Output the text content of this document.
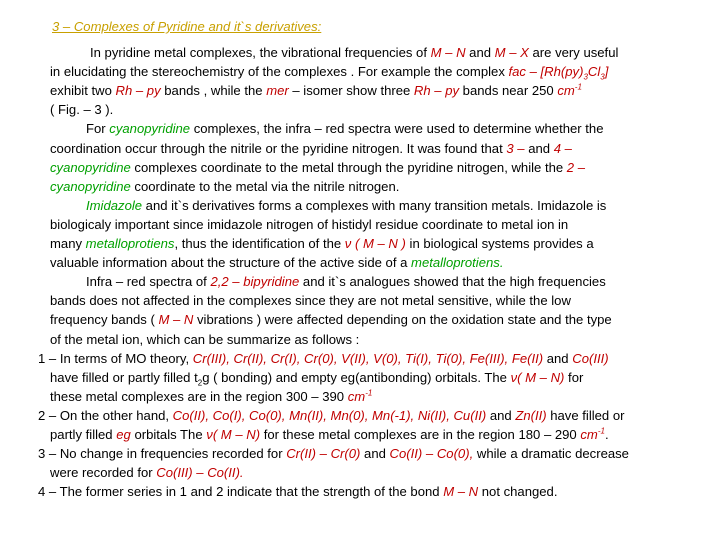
3 – Complexes of Pyridine and it`s derivatives:
In pyridine metal complexes, the vibrational frequencies of M – N and M – X are very useful
in elucidating the stereochemistry of the complexes . For example the complex fac – $[Rh(py)_3Cl_3]$
exhibit two Rh – py bands , while the mer – isomer show three Rh – py bands near 250 $cm^{-1}$
( Fig. – 3 ).
For cyanopyridine complexes, the infra – red spectra were used to determine whether the
coordination occur through the nitrile or the pyridine nitrogen. It was found that 3 – and 4 –
cyanopyridine complexes coordinate to the metal through the pyridine nitrogen, while the 2 –
cyanopyridine coordinate to the metal via the nitrile nitrogen.
Imidazole and it`s derivatives forms a complexes with many transition metals. Imidazole is
biologicaly important since imidazole nitrogen of histidyl residue coordinate to metal ion in
many metalloprotiens, thus the identification of the ν ( M – N ) in biological systems provides a
valuable information about the structure of the active side of a metalloprotiens.
Infra – red spectra of 2,2 – bipyridine and it`s analogues showed that the high frequencies
bands does not affected in the complexes since they are not metal sensitive, while the low
frequency bands ( M – N vibrations ) were affected depending on the oxidation state and the type
of the metal ion, which can be summarize as follows :
1 – In terms of MO theory, Cr(III), Cr(II), Cr(I), Cr(0), V(II), V(0), Ti(I), Ti(0), Fe(III), Fe(II) and Co(III)
have filled or partly filled $t_2g$ ( bonding) and empty eg(antibonding) orbitals. The ν( M – N) for
these metal complexes are in the region 300 – 390 $cm^{-1}$
2 – On the other hand, Co(II), Co(I), Co(0), Mn(II), Mn(0), Mn(-1), Ni(II), Cu(II) and Zn(II) have filled or
partly filled eg orbitals The ν( M – N) for these metal complexes are in the region 180 – 290 $cm^{-1}$.
3 – No change in frequencies recorded for Cr(II) – Cr(0) and Co(II) – Co(0), while a dramatic decrease
were recorded for Co(III) – Co(II).
4 – The former series in 1 and 2 indicate that the strength of the bond M – N not changed.
